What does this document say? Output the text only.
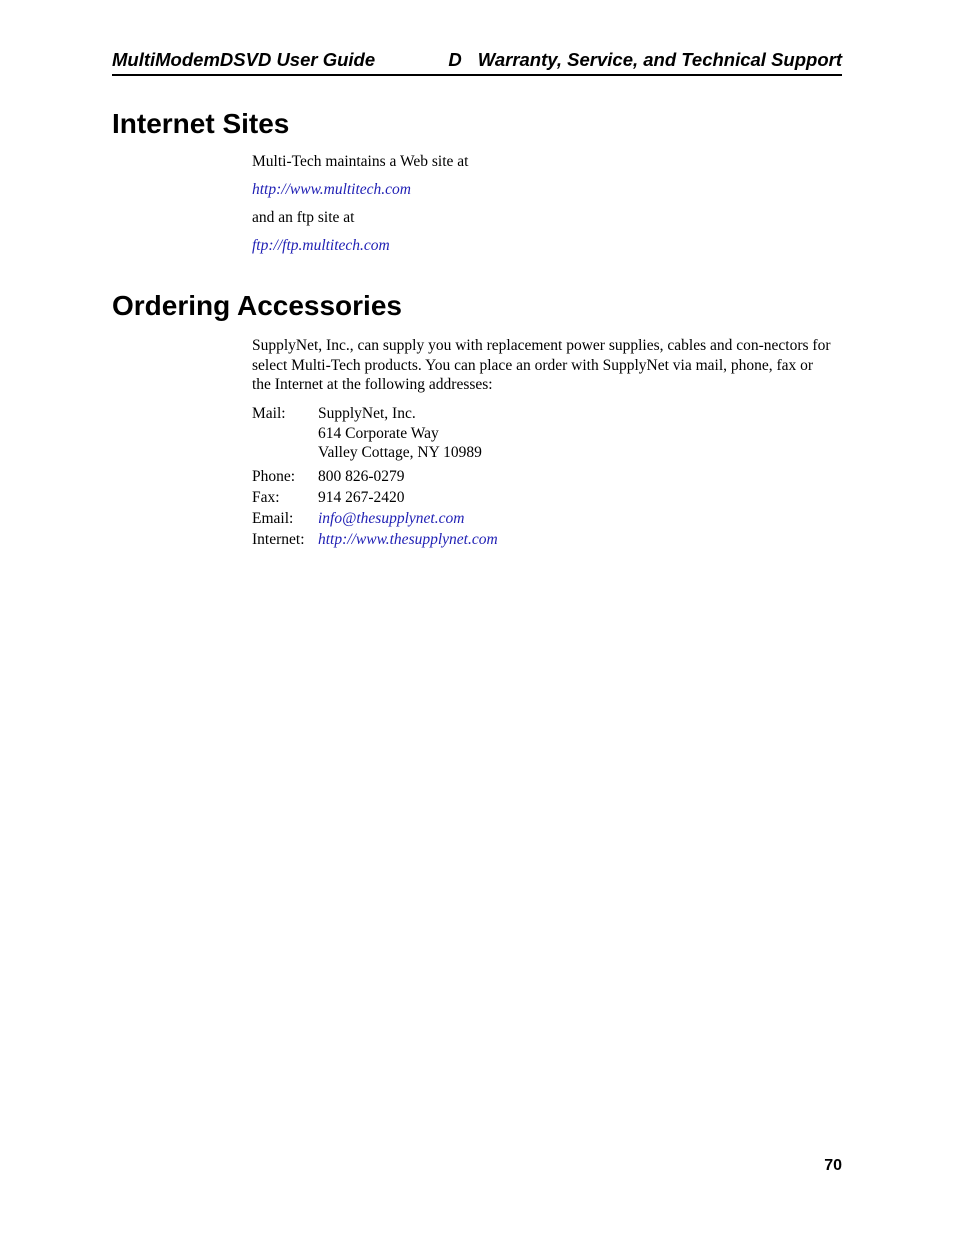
MultiModemDSVD User Guide	D Warranty, Service, and Technical Support
Internet Sites

Multi-Tech maintains a Web site at

http://www.multitech.com

and an ftp site at

ftp://ftp.multitech.com

Ordering Accessories

SupplyNet, Inc., can supply you with replacement power supplies, cables and con-nectors for select Multi-Tech products. You can place an order with SupplyNet via mail, phone, fax or the Internet at the following addresses:

Mail: SupplyNet, Inc.
614 Corporate Way
Valley Cottage, NY 10989
Phone: 800 826-0279
Fax: 914 267-2420
Email: info@thesupplynet.com
Internet: http://www.thesupplynet.com
70
